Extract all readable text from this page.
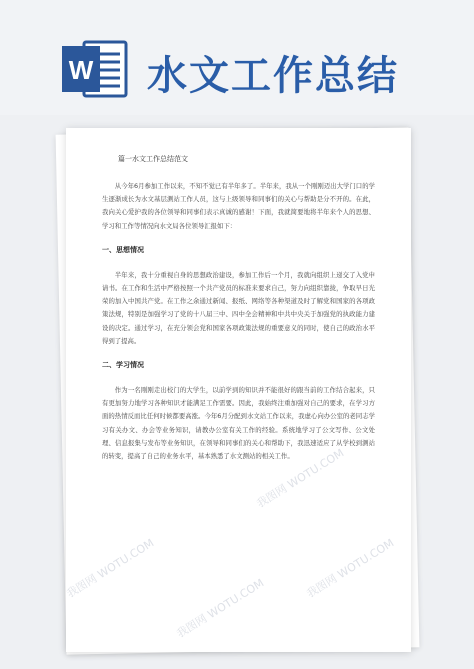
W 水文工作总结
篇一水文工作总结范文

从今年6月参加工作以来，不知不觉已有半年多了。半年来，我从一个刚刚迈出大学门口的学生逐渐成长为水文基层测站工作人员，这与上级领导和同事们的关心与帮助是分不开的。在此，我向关心爱护我的各位领导和同事们表示真诚的感谢！下面，我就简要地将半年来个人的思想、学习和工作等情况向水文局各位领导汇报如下：

一、思想情况

半年来，我十分重视自身的思想政治建设，参加工作后一个月，我就向组织上递交了入党申请书。在工作和生活中严格按照一个共产党员的标准来要求自己，努力向组织靠拢，争取早日光荣的加入中国共产党。在工作之余通过新闻、报纸、网络等各种渠道及时了解党和国家的各项政策法规，特别是加强学习了党的十八届三中、四中全会精神和中共中央关于加强党的执政能力建设的决定。通过学习，在充分领会党和国家各项政策法规的重要意义的同时，使自己的政治水平得到了提高。

二、学习情况

作为一名刚刚走出校门的大学生，以前学到的知识并不能很好的跟当前的工作结合起来，只有更加努力地学习各种知识才能满足工作需要。因此，我始终注重加强对自己的要求，在学习方面的热情反而比任何时候都要高涨。今年6月分配到水文站工作以来，我虚心向办公室的老同志学习有关办文、办会等业务知识，请教办公室有关工作的经验。系统地学习了公文写作、公文处理、信息报集与发布等业务知识，在领导和同事们的关心和帮助下，我迅速适应了从学校到测站的转变，提高了自己的业务水平，基本熟悉了水文测站的相关工作。

我图网 WOTU.COM
我图网 WOTU.COM
我图网 WOTU.COM
我图网 WOTU.COM
